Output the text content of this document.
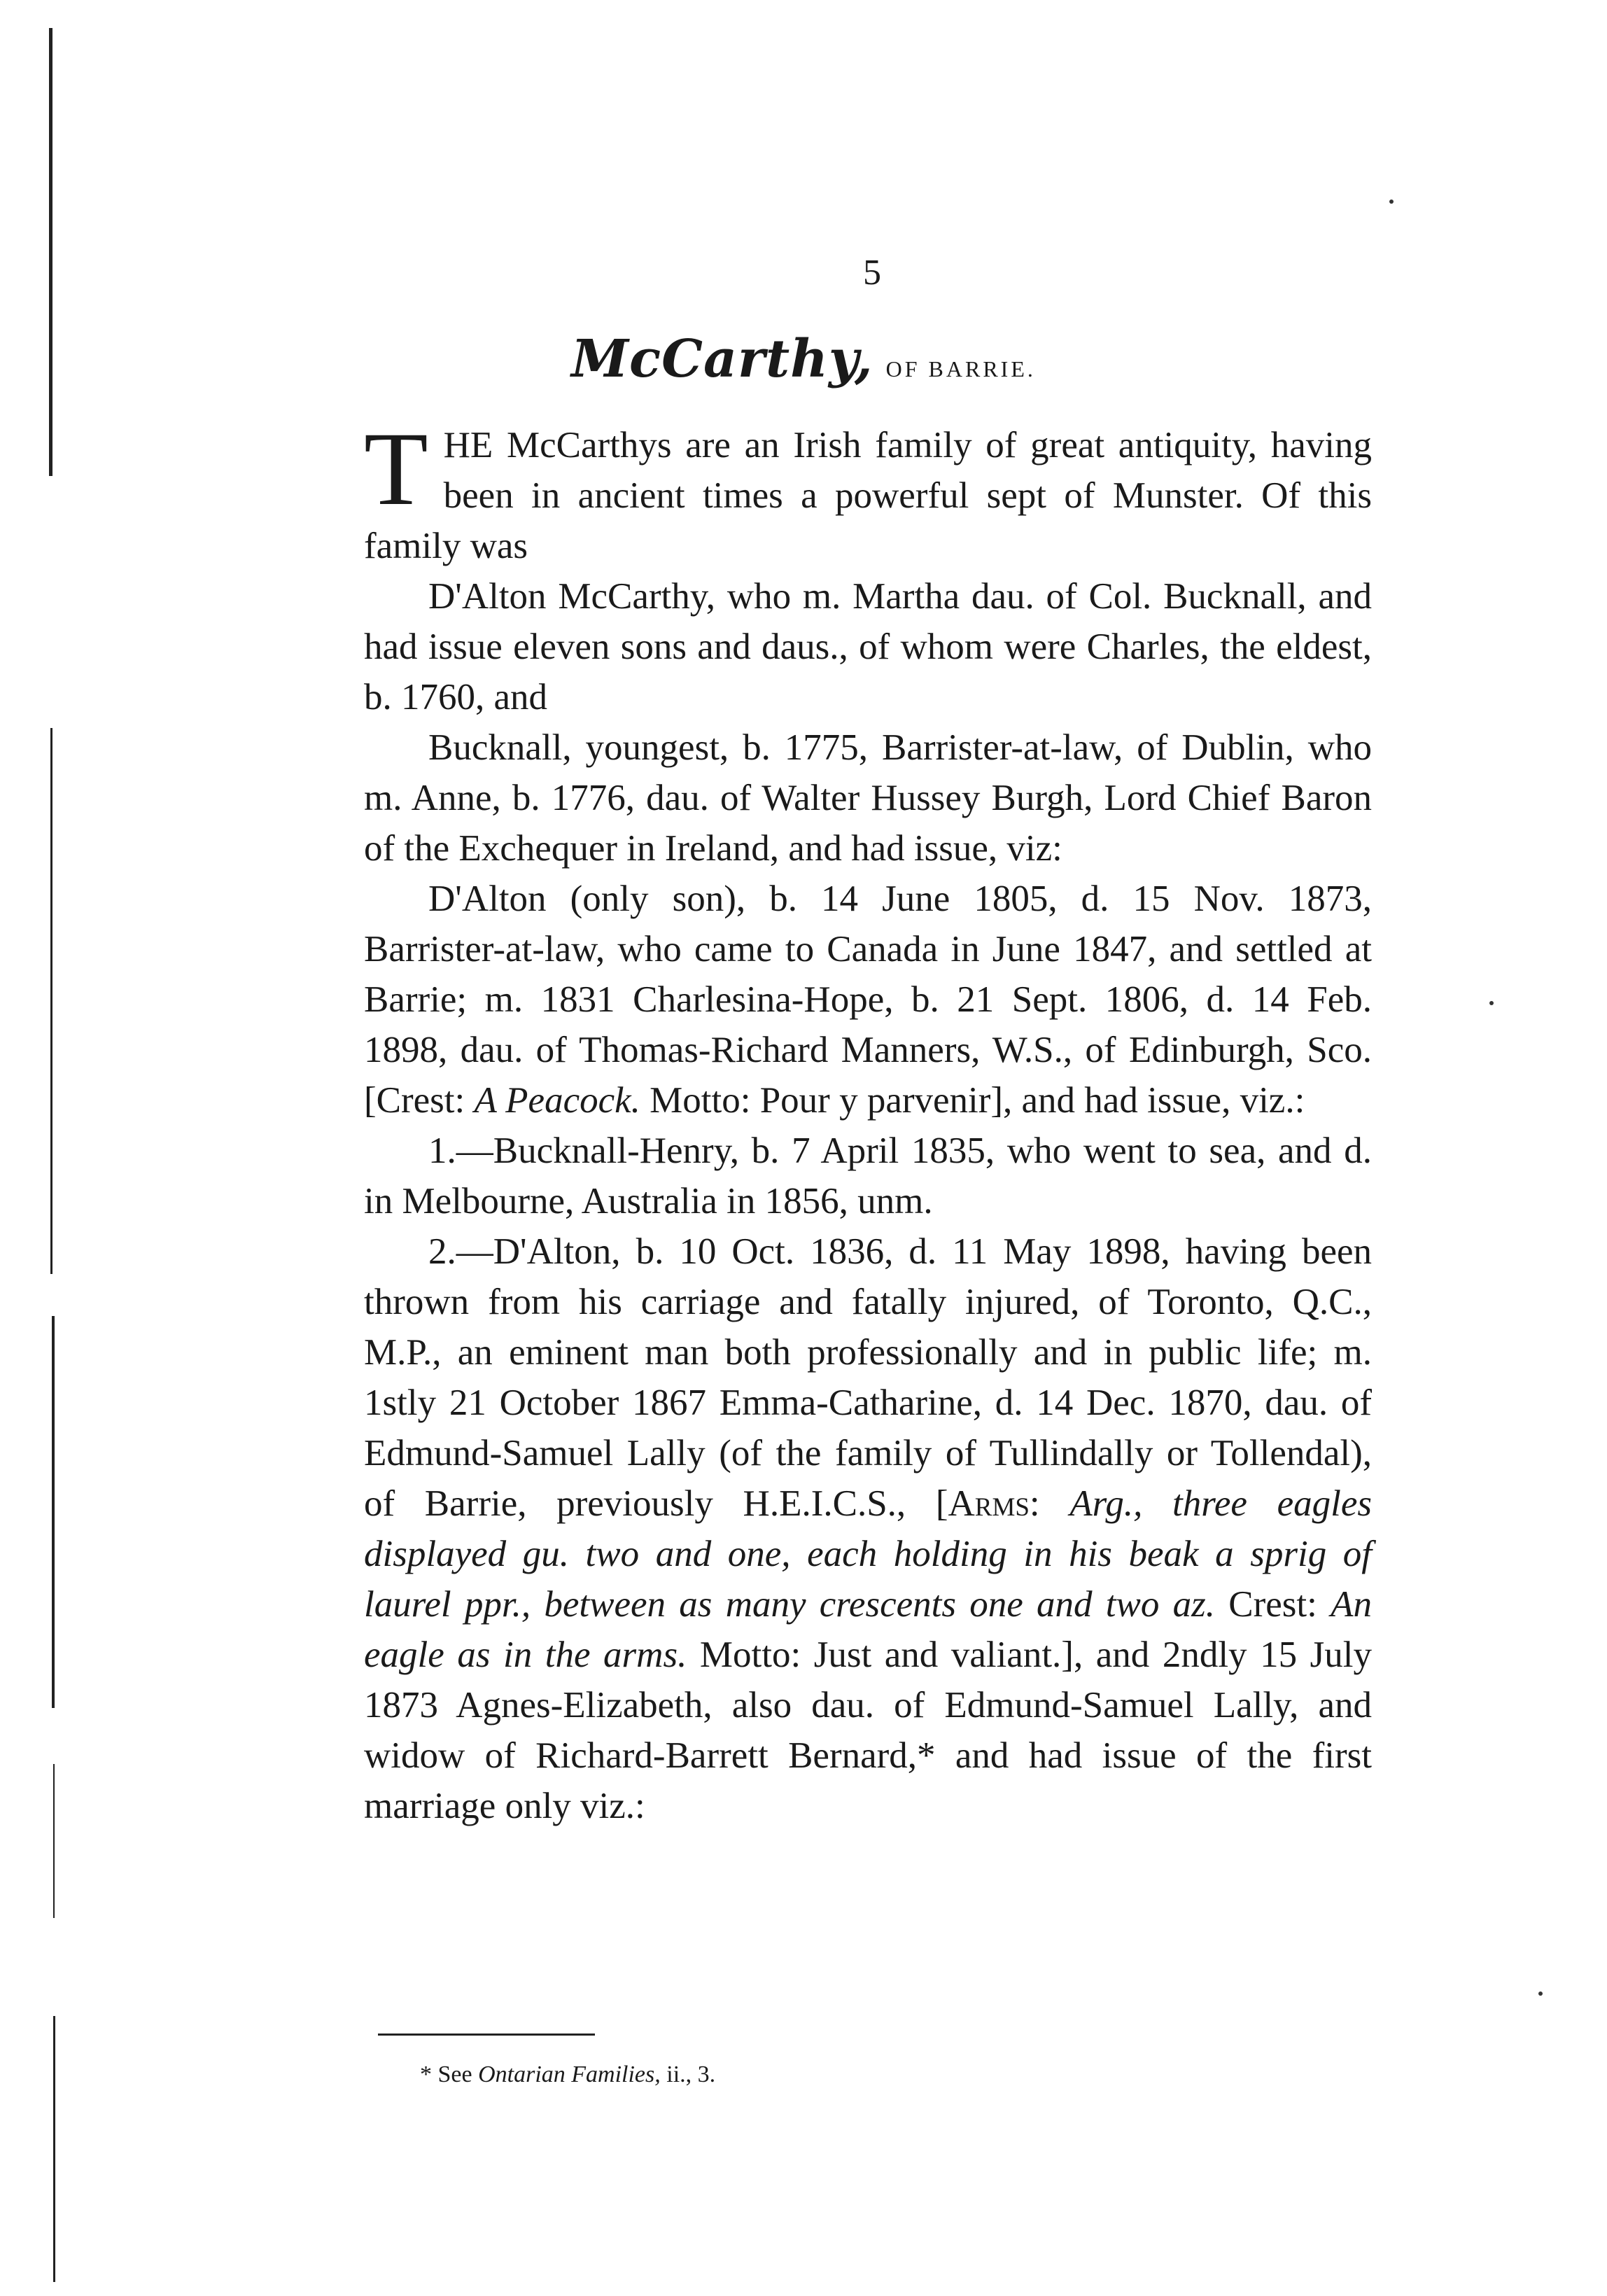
5
McCarthy, OF BARRIE.

THE McCarthys are an Irish family of great antiquity, having been in ancient times a powerful sept of Munster. Of this family was

D'Alton McCarthy, who m. Martha dau. of Col. Bucknall, and had issue eleven sons and daus., of whom were Charles, the eldest, b. 1760, and

Bucknall, youngest, b. 1775, Barrister-at-law, of Dublin, who m. Anne, b. 1776, dau. of Walter Hussey Burgh, Lord Chief Baron of the Exchequer in Ireland, and had issue, viz:

D'Alton (only son), b. 14 June 1805, d. 15 Nov. 1873, Barrister-at-law, who came to Canada in June 1847, and settled at Barrie; m. 1831 Charlesina-Hope, b. 21 Sept. 1806, d. 14 Feb. 1898, dau. of Thomas-Richard Manners, W.S., of Edinburgh, Sco. [Crest: A Peacock. Motto: Pour y parvenir], and had issue, viz.:

1.—Bucknall-Henry, b. 7 April 1835, who went to sea, and d. in Melbourne, Australia in 1856, unm.

2.—D'Alton, b. 10 Oct. 1836, d. 11 May 1898, having been thrown from his carriage and fatally injured, of Toronto, Q.C., M.P., an eminent man both professionally and in public life; m. 1stly 21 October 1867 Emma-Catharine, d. 14 Dec. 1870, dau. of Edmund-Samuel Lally (of the family of Tullindally or Tollendal), of Barrie, previously H.E.I.C.S., [Arms: Arg., three eagles displayed gu. two and one, each holding in his beak a sprig of laurel ppr., between as many crescents one and two az. Crest: An eagle as in the arms. Motto: Just and valiant.], and 2ndly 15 July 1873 Agnes-Elizabeth, also dau. of Edmund-Samuel Lally, and widow of Richard-Barrett Bernard,* and had issue of the first marriage only viz.:

* See Ontarian Families, ii., 3.
